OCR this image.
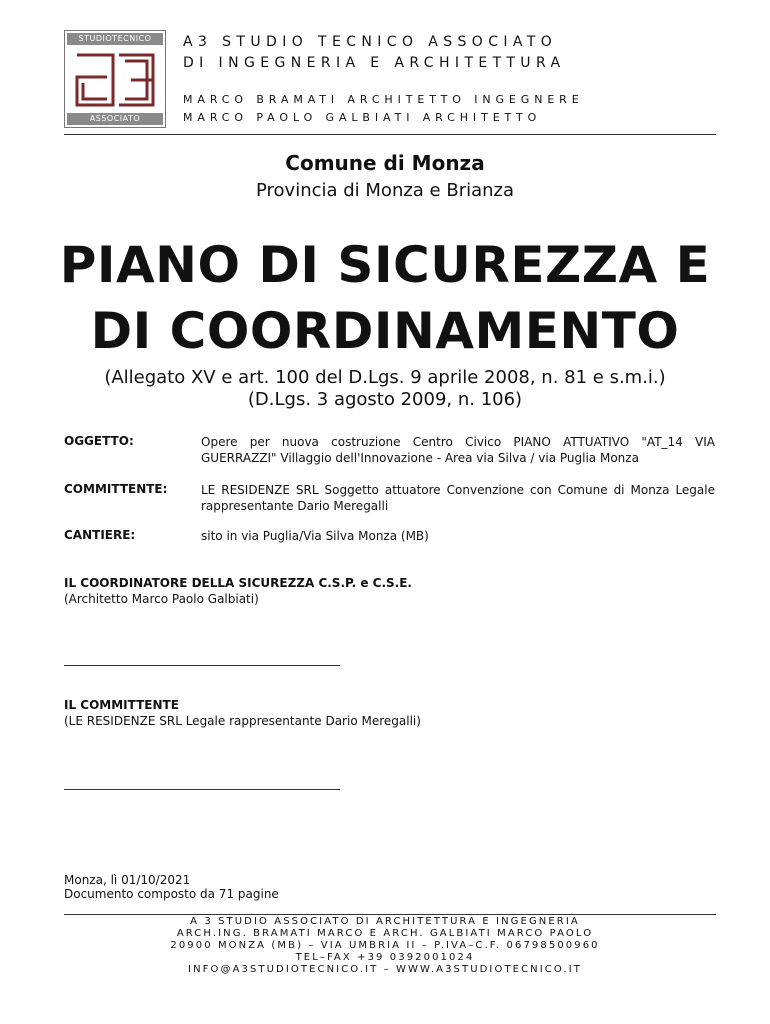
STUDIOTECNICO
ASSOCIATO
A3 STUDIO TECNICO ASSOCIATO
DI INGEGNERIA E ARCHITETTURA
MARCO BRAMATI ARCHITETTO INGEGNERE
MARCO PAOLO GALBIATI ARCHITETTO
Comune di Monza
Provincia di Monza e Brianza
PIANO DI SICUREZZA E
DI COORDINAMENTO
(Allegato XV e art. 100 del D.Lgs. 9 aprile 2008, n. 81 e s.m.i.)
(D.Lgs. 3 agosto 2009, n. 106)
OGGETTO:	Opere per nuova costruzione Centro Civico PIANO ATTUATIVO "AT_14 VIA GUERRAZZI" Villaggio dell'Innovazione - Area via Silva / via Puglia Monza
COMMITTENTE:	LE RESIDENZE SRL Soggetto attuatore Convenzione con Comune di Monza Legale rappresentante Dario Meregalli
CANTIERE:	sito in via Puglia/Via Silva Monza (MB)
IL COORDINATORE DELLA SICUREZZA C.S.P. e C.S.E.
(Architetto Marco Paolo Galbiati)
IL COMMITTENTE
(LE RESIDENZE SRL Legale rappresentante Dario Meregalli)
Monza, lì 01/10/2021
Documento composto da 71 pagine
A 3 STUDIO ASSOCIATO DI ARCHITETTURA E INGEGNERIA
ARCH.ING. BRAMATI MARCO E ARCH. GALBIATI MARCO PAOLO
20900 MONZA (MB) – VIA UMBRIA II – P.IVA–C.F. 06798500960
TEL–FAX +39 0392001024
INFO@A3STUDIOTECNICO.IT – WWW.A3STUDIOTECNICO.IT
